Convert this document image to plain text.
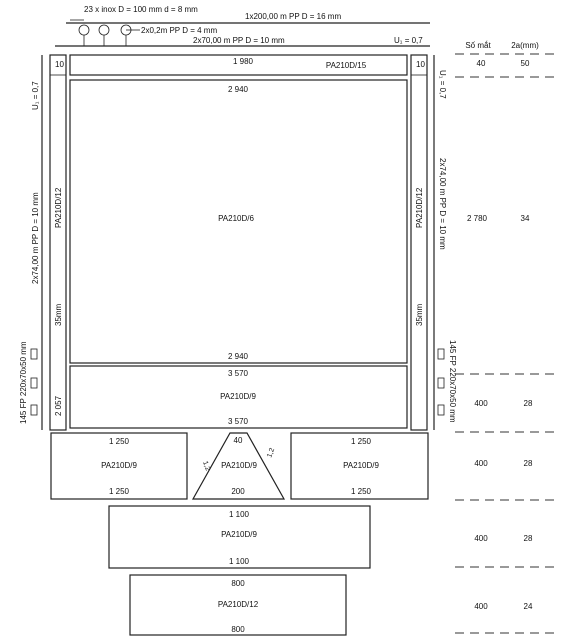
23 x inox D = 100 mm d = 8 mm
1x200,00 m PP D = 16 mm
2x0,2m PP D = 4 mm
2x70,00 m PP D = 10 mm	U₁ = 0,7
10	10
U₁ = 0,7	U₁ = 0,7
2x74,00 m PP D = 10 mm	2x74,00 m PP D = 10 mm
PA210D/12	PA210D/12
35mm	35mm
2 057
145 FP 220x70x50 mm	145 FP 220x70x50 mm
1 980	PA210D/15
2 940
PA210D/6
2 940
3 570
PA210D/9
3 570
1 250
PA210D/9
1 250
40
PA210D/9
200
1,2
1,2
1 250
PA210D/9
1 250
1 100
PA210D/9
1 100
800
PA210D/12
800
Số mắt	2a(mm)
40	50
2 780	34
400	28
400	28
400	28
400	24
